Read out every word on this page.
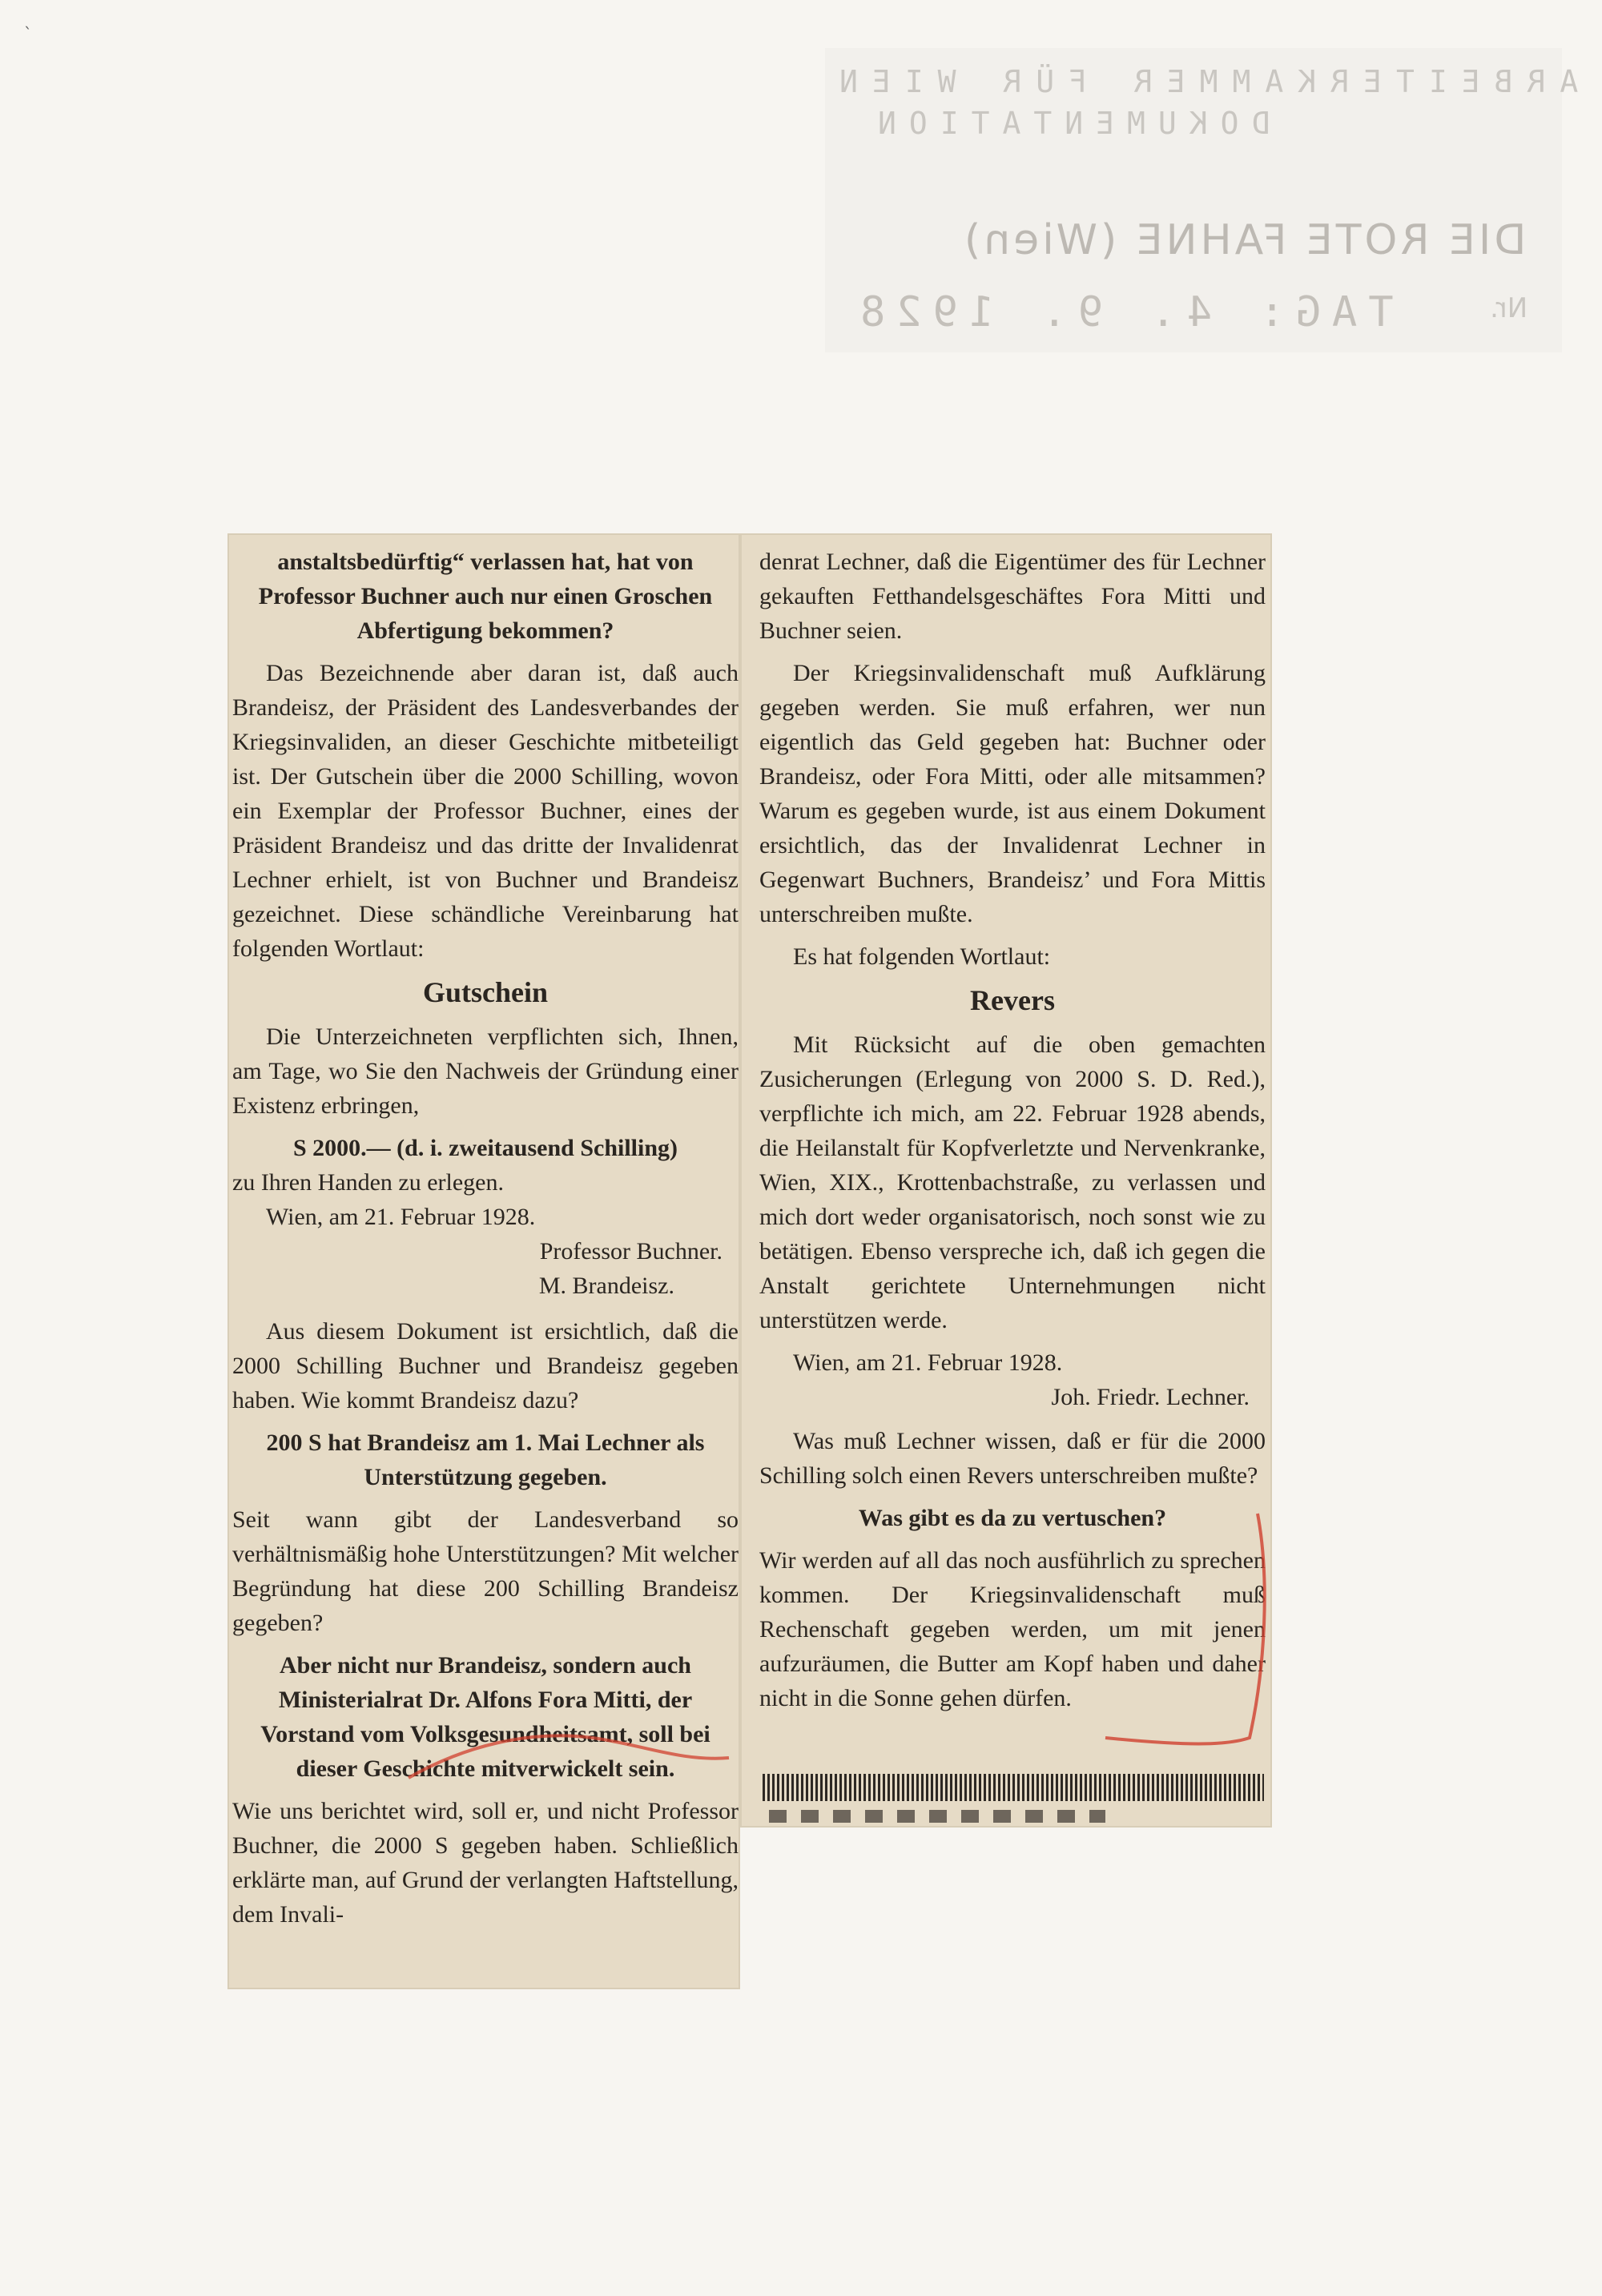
`
ARBEITERKAMMER FÜR WIEN
DOKUMENTATION
DIE ROTE FAHNE (Wien)
TAG: 4. 9. 1928	Nr.

anstaltsbedürftig“ verlassen hat, hat von Professor Buchner auch nur einen Groschen Abfertigung bekommen?

Das Bezeichnende aber daran ist, daß auch Brandeisz, der Präsident des Landesverbandes der Kriegsinvaliden, an dieser Geschichte mitbeteiligt ist. Der Gutschein über die 2000 Schilling, wovon ein Exemplar der Professor Buchner, eines der Präsident Brandeisz und das dritte der Invalidenrat Lechner erhielt, ist von Buchner und Brandeisz gezeichnet. Diese schändliche Vereinbarung hat folgenden Wortlaut:

Gutschein

Die Unterzeichneten verpflichten sich, Ihnen, am Tage, wo Sie den Nachweis der Gründung einer Existenz erbringen,

S 2000.— (d. i. zweitausend Schilling)

zu Ihren Handen zu erlegen.

Wien, am 21. Februar 1928.

Professor Buchner.

M. Brandeisz.

Aus diesem Dokument ist ersichtlich, daß die 2000 Schilling Buchner und Brandeisz gegeben haben. Wie kommt Brandeisz dazu?

200 S hat Brandeisz am 1. Mai Lechner als Unterstützung gegeben.

Seit wann gibt der Landesverband so verhältnismäßig hohe Unterstützungen? Mit welcher Begründung hat diese 200 Schilling Brandeisz gegeben?

Aber nicht nur Brandeisz, sondern auch Ministerialrat Dr. Alfons Fora Mitti, der Vorstand vom Volksgesundheitsamt, soll bei dieser Geschichte mitverwickelt sein.

Wie uns berichtet wird, soll er, und nicht Professor Buchner, die 2000 S gegeben haben. Schließlich erklärte man, auf Grund der verlangten Haftstellung, dem Invali-

denrat Lechner, daß die Eigentümer des für Lechner gekauften Fetthandelsgeschäftes Fora Mitti und Buchner seien.

Der Kriegsinvalidenschaft muß Aufklärung gegeben werden. Sie muß erfahren, wer nun eigentlich das Geld gegeben hat: Buchner oder Brandeisz, oder Fora Mitti, oder alle mitsammen? Warum es gegeben wurde, ist aus einem Dokument ersichtlich, das der Invalidenrat Lechner in Gegenwart Buchners, Brandeisz’ und Fora Mittis unterschreiben mußte.

Es hat folgenden Wortlaut:

Revers

Mit Rücksicht auf die oben gemachten Zusicherungen (Erlegung von 2000 S. D. Red.), verpflichte ich mich, am 22. Februar 1928 abends, die Heilanstalt für Kopfverletzte und Nervenkranke, Wien, XIX., Krottenbachstraße, zu verlassen und mich dort weder organisatorisch, noch sonst wie zu betätigen. Ebenso verspreche ich, daß ich gegen die Anstalt gerichtete Unternehmungen nicht unterstützen werde.

Wien, am 21. Februar 1928.

Joh. Friedr. Lechner.

Was muß Lechner wissen, daß er für die 2000 Schilling solch einen Revers unterschreiben mußte?

Was gibt es da zu vertuschen?

Wir werden auf all das noch ausführlich zu sprechen kommen. Der Kriegsinvalidenschaft muß Rechenschaft gegeben werden, um mit jenen aufzuräumen, die Butter am Kopf haben und daher nicht in die Sonne gehen dürfen.
